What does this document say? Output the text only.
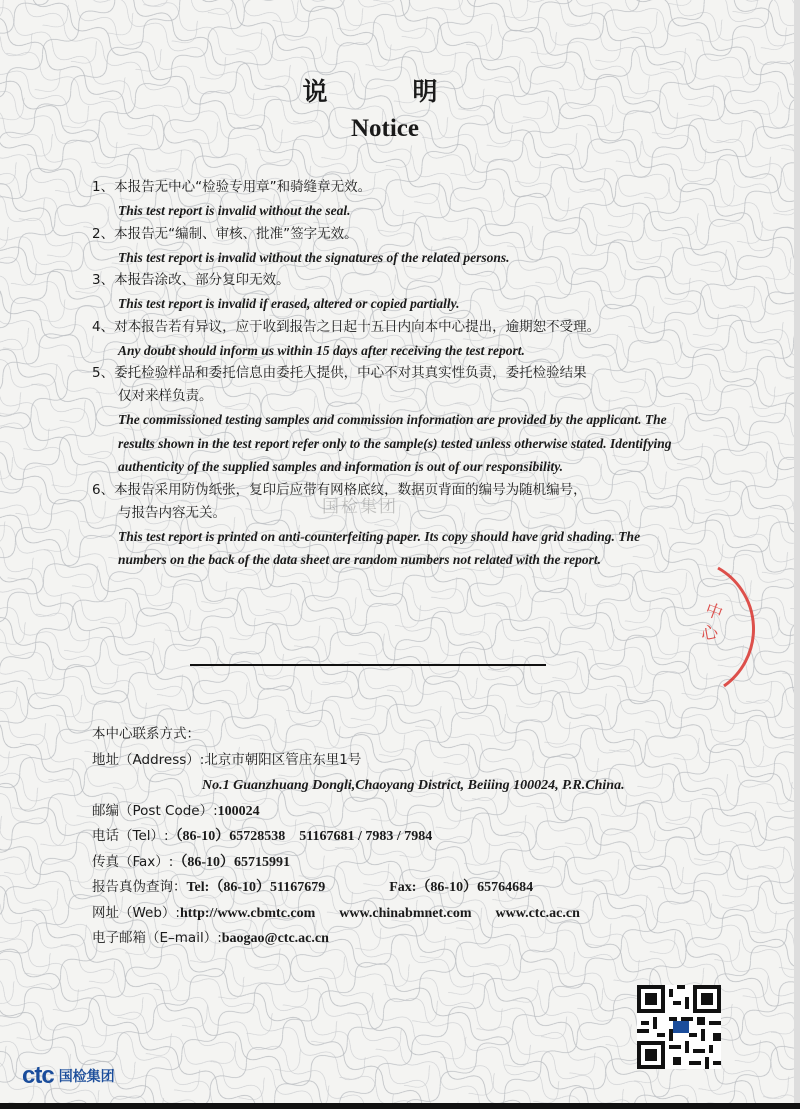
说　明
Notice
1、本报告无中心“检验专用章”和骑缝章无效。
This test report is invalid without the seal.
2、本报告无“编制、审核、批准”签字无效。
This test report is invalid without the signatures of the related persons.
3、本报告涂改、部分复印无效。
This test report is invalid if erased, altered or copied partially.
4、对本报告若有异议，应于收到报告之日起十五日内向本中心提出，逾期恕不受理。
Any doubt should inform us within 15 days after receiving the test report.
5、委托检验样品和委托信息由委托人提供，中心不对其真实性负责，委托检验结果
仅对来样负责。
The commissioned testing samples and commission information are provided by the applicant. The results shown in the test report refer only to the sample(s) tested unless otherwise stated. Identifying authenticity of the supplied samples and information is out of our responsibility.
6、本报告采用防伪纸张，复印后应带有网格底纹，数据页背面的编号为随机编号，
与报告内容无关。
This test report is printed on anti-counterfeiting paper. Its copy should have grid shading. The numbers on the back of the data sheet are random numbers not related with the report.
国检集团
中
心
本中心联系方式：
地址（Address）:北京市朝阳区管庄东里1号
No.1 Guanzhuang Dongli,Chaoyang District, Beiiing 100024, P.R.China.
邮编（Post Code）:100024
电话（Tel）:（86-10）65728538　51167681 / 7983 / 7984
传真（Fax）:（86-10）65715991
报告真伪查询：Tel:（86-10）51167679	Fax:（86-10）65764684
网址（Web）:http://www.cbmtc.com www.chinabmnet.com www.ctc.ac.cn
电子邮箱（E–mail）:baogao@ctc.ac.cn
ctc 国检集团
